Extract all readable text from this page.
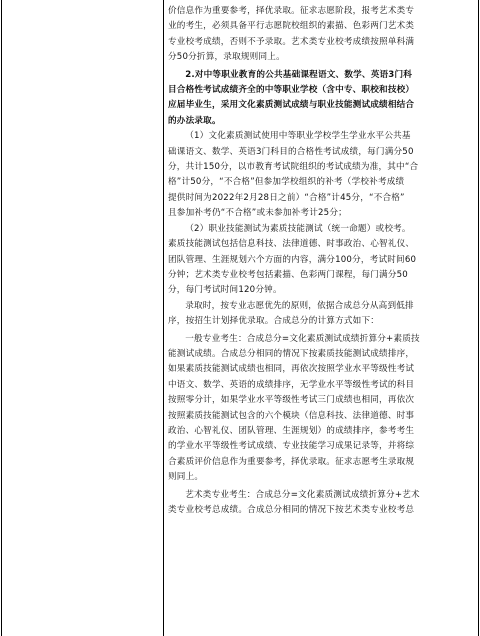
价信息作为重要参考，择优录取。征求志愿阶段，报考艺术类专

业的考生，必须具备平行志愿院校组织的素描、色彩两门艺术类

专业校考成绩，否则不予录取。艺术类专业校考成绩按照单科满

分50分折算，录取规则同上。

2.对中等职业教育的公共基础课程语文、数学、英语3门科

目合格性考试成绩齐全的中等职业学校（含中专、职校和技校）

应届毕业生，采用文化素质测试成绩与职业技能测试成绩相结合

的办法录取。

（1）文化素质测试使用中等职业学校学生学业水平公共基

础课语文、数学、英语3门科目的合格性考试成绩，每门满分50

分，共计150分，以市教育考试院组织的考试成绩为准，其中“合

格”计50分，“不合格”但参加学校组织的补考（学校补考成绩

提供时间为2022年2月28日之前）“合格”计45分，“不合格”

且参加补考仍“不合格”或未参加补考计25分；

（2）职业技能测试为素质技能测试（统一命题）或校考。

素质技能测试包括信息科技、法律道德、时事政治、心智礼仪、

团队管理、生涯规划六个方面的内容，满分100分，考试时间60

分钟；艺术类专业校考包括素描、色彩两门课程，每门满分50

分，每门考试时间120分钟。

录取时，按专业志愿优先的原则，依据合成总分从高到低排

序，按招生计划择优录取。合成总分的计算方式如下：

一般专业考生：合成总分=文化素质测试成绩折算分+素质技

能测试成绩。合成总分相同的情况下按素质技能测试成绩排序，

如果素质技能测试成绩也相同，再依次按照学业水平等级性考试

中语文、数学、英语的成绩排序，无学业水平等级性考试的科目

按照零分计，如果学业水平等级性考试三门成绩也相同，再依次

按照素质技能测试包含的六个模块（信息科技、法律道德、时事

政治、心智礼仪、团队管理、生涯规划）的成绩排序，参考考生

的学业水平等级性考试成绩、专业技能学习成果记录等，并将综

合素质评价信息作为重要参考，择优录取。征求志愿考生录取规

则同上。

艺术类专业考生：合成总分=文化素质测试成绩折算分+艺术

类专业校考总成绩。合成总分相同的情况下按艺术类专业校考总
